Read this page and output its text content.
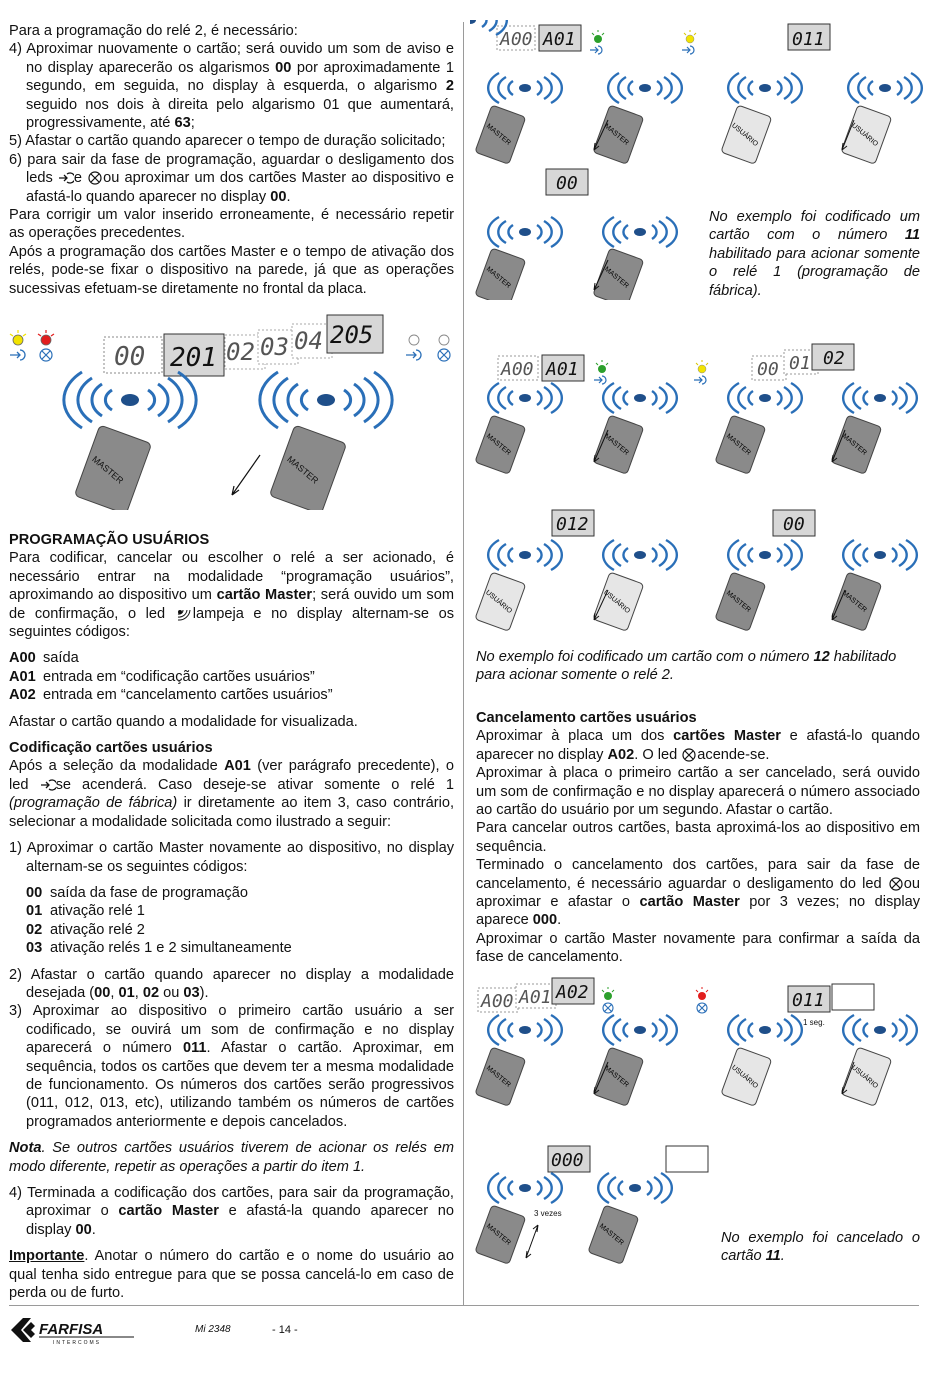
Para a programação do relé 2, é necessário:
4) Aproximar nuovamente o cartão; será ouvido um som de aviso e no display aparecerão os algarismos 00 por aproximadamente 1 segundo, em seguida, no display à esquerda, o algarismo 2 seguido nos dois à direita pelo algarismo 01 que aumentará, progressivamente, até 63;
5) Afastar o cartão quando aparecer o tempo de duração solicitado;
6) para sair da fase de programação, aguardar o desligamento dos leds e ou aproximar um dos cartões Master ao dispositivo e afastá-lo quando aparecer no display 00.
Para corrigir um valor inserido erroneamente, é necessário repetir as operações precedentes.
Após a programação dos cartões Master e o tempo de ativação dos relés, pode-se fixar o dispositivo na parede, já que as operações sucessivas efetuam-se diretamente no frontal da placa.
00 201 02 03 04 205
MASTER	MASTER
PROGRAMAÇÃO USUÁRIOS
Para codificar, cancelar ou escolher o relé a ser acionado, é necessário entrar na modalidade “programação usuários”, aproximando ao dispositivo um cartão Master; será ouvido um som de confirmação, o led lampeja e no display alternam-se os seguintes códigos:
A00 saída
A01 entrada em “codificação cartões usuários”
A02 entrada em “cancelamento cartões usuários”
Afastar o cartão quando a modalidade for visualizada.
Codificação cartões usuários
Após a seleção da modalidade A01 (ver parágrafo precedente), o led se acenderá. Caso deseje-se ativar somente o relé 1 (programação de fábrica) ir diretamente ao item 3, caso contrário, selecionar a modalidade solicitada como ilustrado a seguir:
1) Aproximar o cartão Master novamente ao dispositivo, no display alternam-se os seguintes códigos:
00 saída da fase de programação
01 ativação relé 1
02 ativação relé 2
03 ativação relés 1 e 2 simultaneamente
2) Afastar o cartão quando aparecer no display a modalidade desejada (00, 01, 02 ou 03).
3) Aproximar ao dispositivo o primeiro cartão usuário a ser codificado, se ouvirá um som de confirmação e no display aparecerá o número 011. Afastar o cartão. Aproximar, em sequência, todos os cartões que devem ter a mesma modalidade de funcionamento. Os números dos cartões serão progressivos (011, 012, 013, etc), utilizando também os números de cartões programados anteriormente e depois cancelados.
Nota. Se outros cartões usuários tiverem de acionar os relés em modo diferente, repetir as operações a partir do item 1.
4) Terminada a codificação dos cartões, para sair da programação, aproximar o cartão Master e afastá-la quando aparecer no display 00.
Importante. Anotar o número do cartão e o nome do usuário ao qual tenha sido entregue para que se possa cancelá-lo em caso de perda ou de furto.
A00 A01	011
MASTER	MASTER	USUÁRIO	USUÁRIO
00
MASTER	MASTER
No exemplo foi codificado um cartão com o número 11 habilitado para acionar somente o relé 1 (programação de fábrica).
A00 A01	00 01 02
MASTER	MASTER	MASTER	MASTER
012	00
USUÁRIO	USUÁRIO	MASTER	MASTER
No exemplo foi codificado um cartão com o número 12 habilitado para acionar somente o relé 2.
Cancelamento cartões usuários
Aproximar à placa um dos cartões Master e afastá-lo quando aparecer no display A02. O led acende-se.
Aproximar à placa o primeiro cartão a ser cancelado, será ouvido um som de confirmação e no display aparecerá o número associado ao cartão do usuário por um segundo. Afastar o cartão.
Para cancelar outros cartões, basta aproximá-los ao dispositivo em sequência.
Terminado o cancelamento dos cartões, para sair da fase de cancelamento, é necessário aguardar o desligamento do led ou aproximar e afastar o cartão Master por 3 vezes; no display aparece 000.
Aproximar o cartão Master novamente para confirmar a saída da fase de cancelamento.
A00 A01 A02	011
1 seg.
MASTER	MASTER	USUÁRIO	USUÁRIO
000
3 vezes
MASTER	MASTER	No exemplo foi cancelado o cartão 11.
FARFISA
INTERCOMS
Mi 2348	- 14 -
